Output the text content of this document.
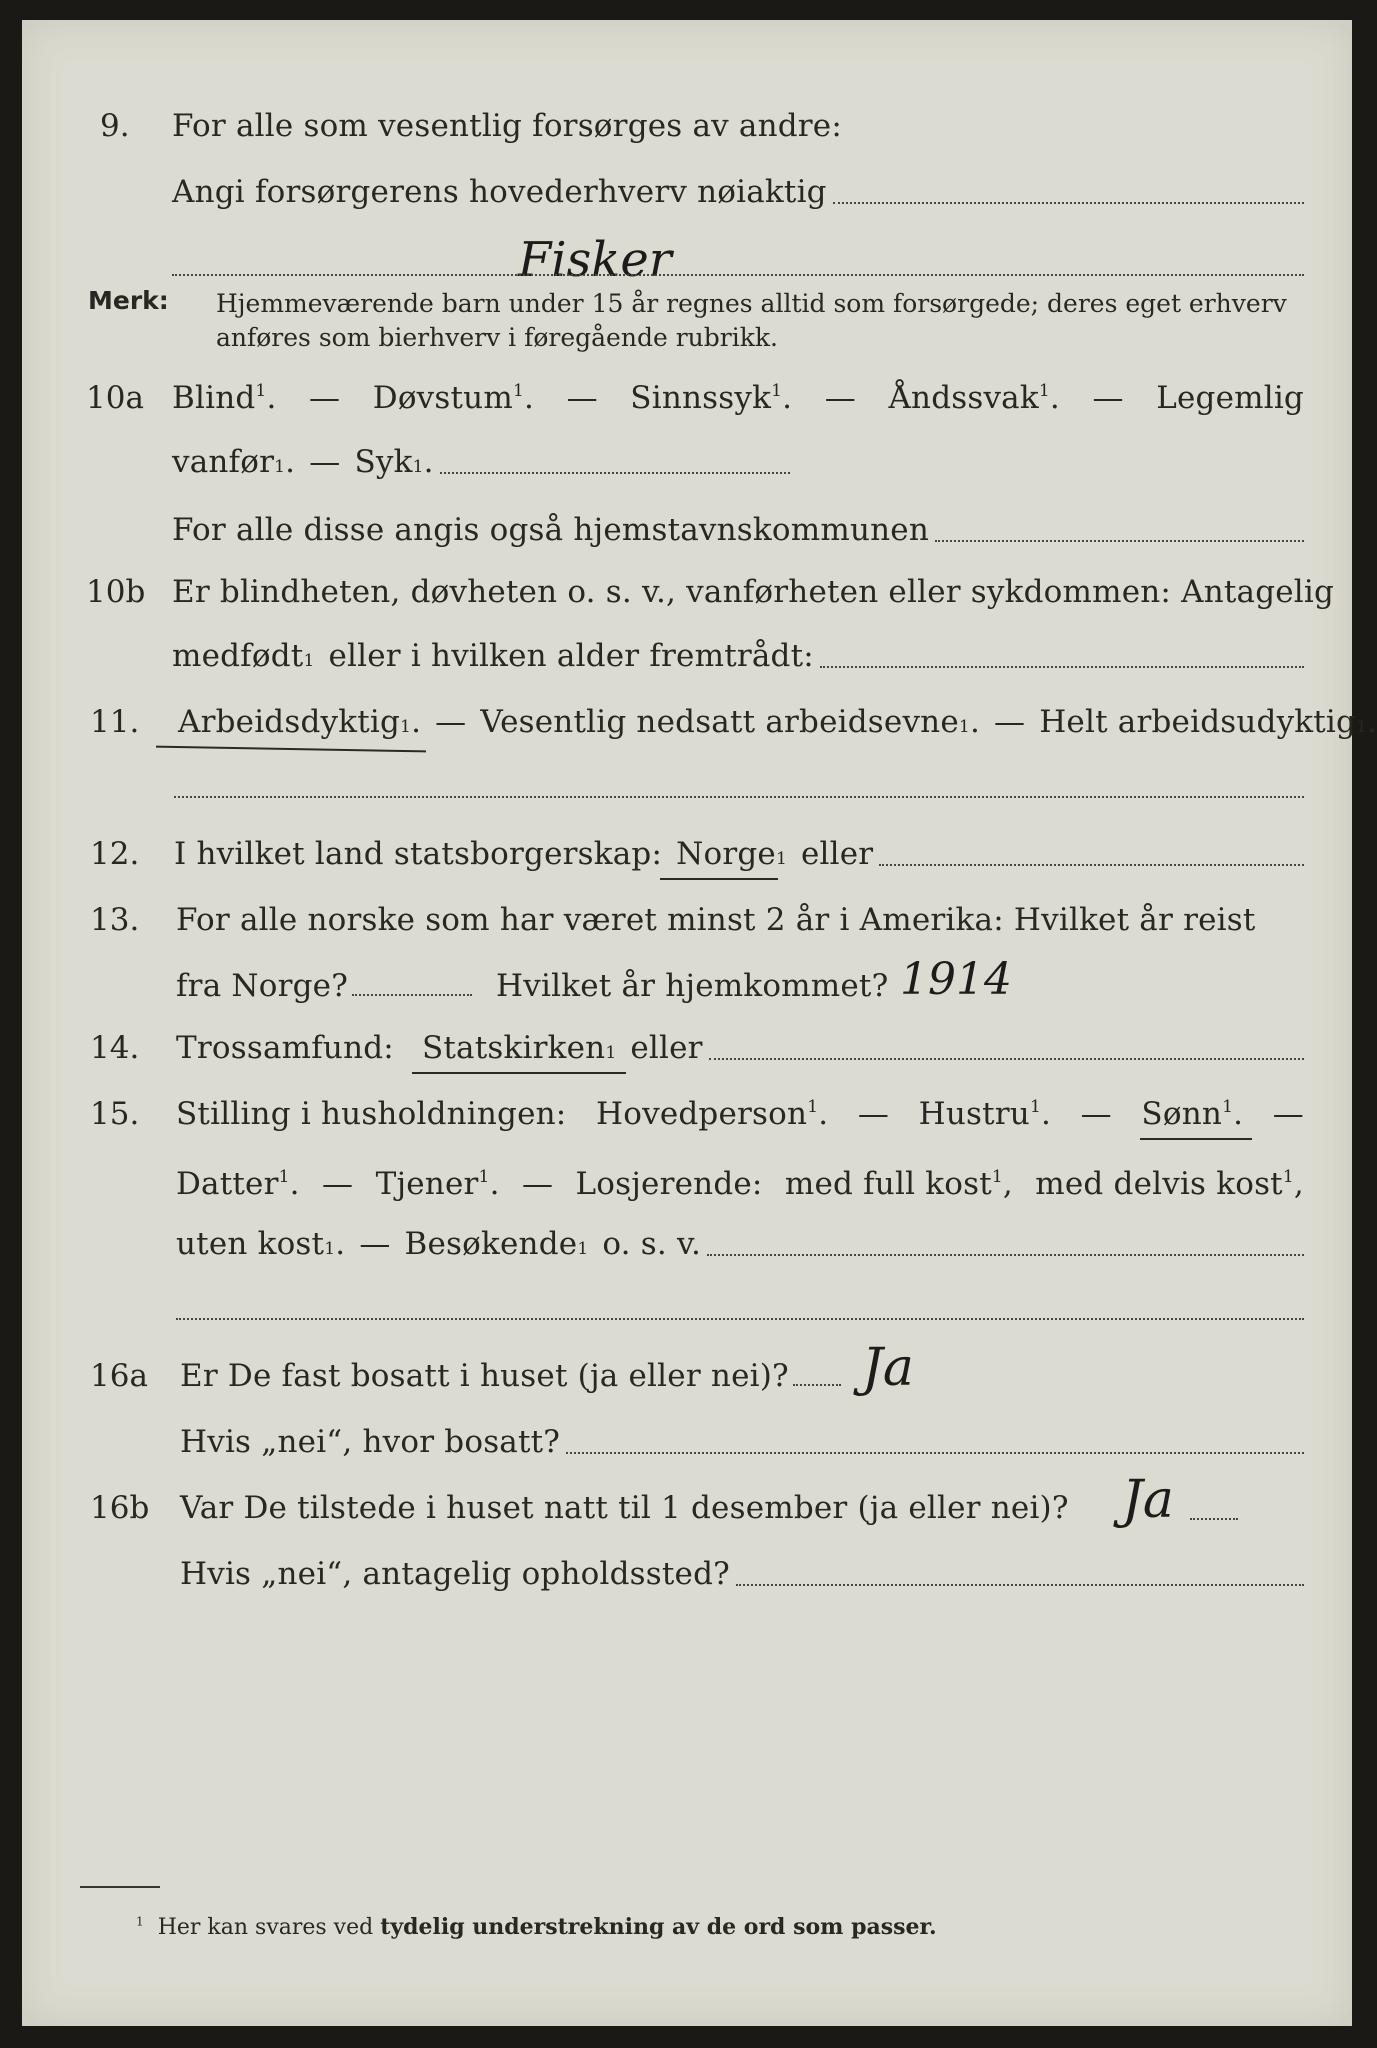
9. For alle som vesentlig forsørges av andre:
Angi forsørgerens hovederhverv nøiaktig
Fisker
Merk: Hjemmeværende barn under 15 år regnes alltid som forsørgede; deres eget erhverv
anføres som bierhverv i føregående rubrikk.
10a Blind$^1$. — Døvstum$^1$. — Sinnssyk$^1$. — Åndssvak$^1$. — Legemlig
vanfør 1 . — Syk 1 .
For alle disse angis også hjemstavnskommunen
10b Er blindheten, døvheten o. s. v., vanførheten eller sykdommen: Antagelig
medfødt 1 eller i hvilken alder fremtrådt:
11. Arbeidsdyktig 1 . — Vesentlig nedsatt arbeidsevne 1 . — Helt arbeidsudyktig 1 .
12. I hvilket land statsborgerskap: Norge 1 eller
13. For alle norske som har været minst 2 år i Amerika: Hvilket år reist
fra Norge?	Hvilket år hjemkommet? 1914
14. Trossamfund: Statskirken 1 eller
15. Stilling i husholdningen: Hovedperson$^1$. — Hustru$^1$. — Sønn$^1$. —
Datter$^1$. — Tjener$^1$. — Losjerende: med full kost$^1$, med delvis kost$^1$,
uten kost 1 . — Besøkende 1 o. s. v.
16a Er De fast bosatt i huset (ja eller nei)? Ja
Hvis „nei“, hvor bosatt?
16b Var De tilstede i huset natt til 1 desember (ja eller nei)? Ja
Hvis „nei“, antagelig opholdssted?
$^1$ Her kan svares ved tydelig understrekning av de ord som passer.
